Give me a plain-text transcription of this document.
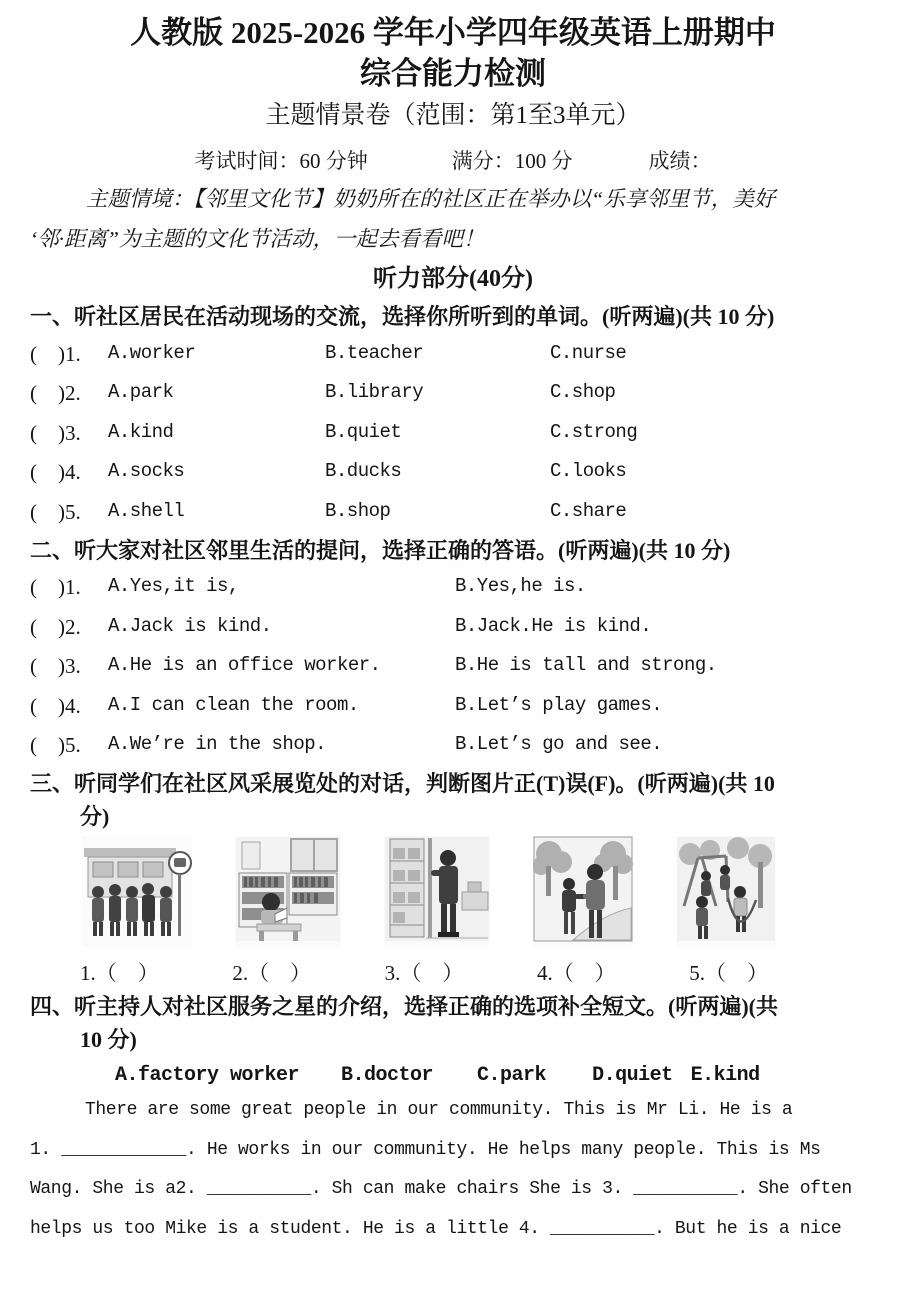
人教版 2025-2026 学年小学四年级英语上册期中
综合能力检测
主题情景卷（范围：第1至3单元）
考试时间：60 分钟	满分：100 分	成绩：
主题情境：【邻里文化节】奶奶所在的社区正在举办以“乐享邻里节，美好
‘邻·距离”为主题的文化节活动，一起去看看吧！
听力部分(40分)
一、听社区居民在活动现场的交流，选择你所听到的单词。(听两遍)(共 10 分)
(　)1.	A.worker	B.teacher	C.nurse
(　)2.	A.park	B.library	C.shop
(　)3.	A.kind	B.quiet	C.strong
(　)4.	A.socks	B.ducks	C.looks
(　)5.	A.shell	B.shop	C.share
二、听大家对社区邻里生活的提问，选择正确的答语。(听两遍)(共 10 分)
(　)1.	A.Yes,it is,	B.Yes,he is.
(　)2.	A.Jack is kind.	B.Jack.He is kind.
(　)3.	A.He is an office worker.	B.He is tall and strong.
(　)4.	A.I can clean the room.	B.Let’s play games.
(　)5.	A.We’re in the shop.	B.Let’s go and see.
三、听同学们在社区风采展览处的对话，判断图片正(T)误(F)。(听两遍)(共 10
分)
1.（　）	2.（　）	3.（　）	4.（　）	5.（　）
四、听主持人对社区服务之星的介绍，选择正确的选项补全短文。(听两遍)(共
10 分)
A.factory worker B.doctor C.park D.quiet E.kind
There are some great people in our community. This is Mr Li. He is a
1. ____________. He works in our community. He helps many people. This is Ms
Wang. She is a2. __________. Sh can make chairs She is 3. __________. She often
helps us too Mike is a student. He is a little 4. __________. But he is a nice
